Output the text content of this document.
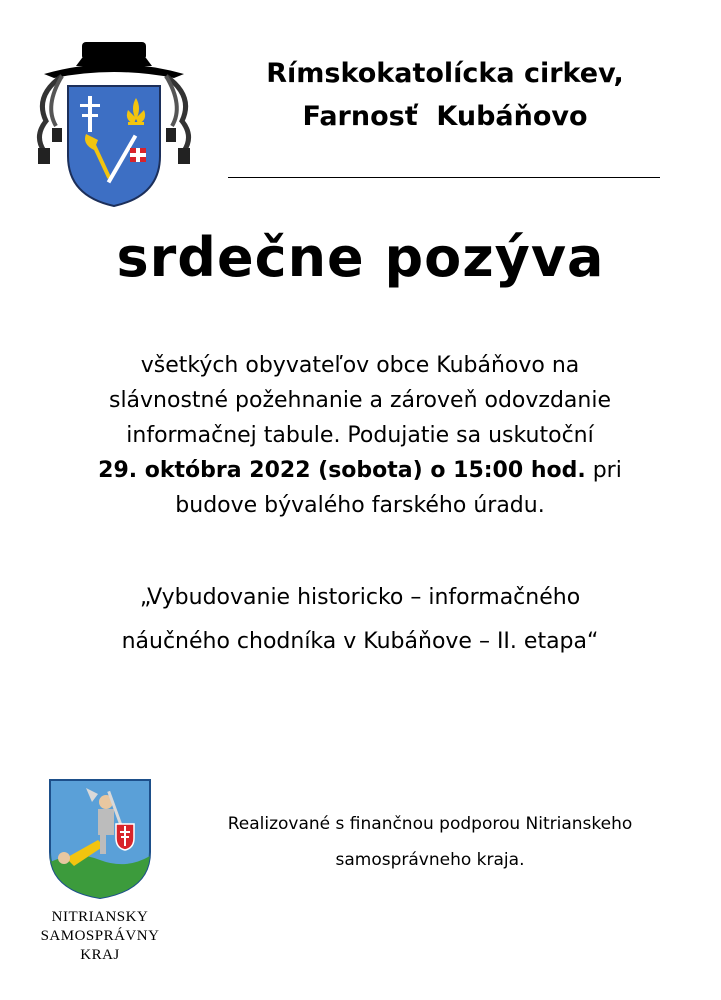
Rímskokatolícka cirkev,
Farnosť  Kubáňovo
srdečne pozýva
všetkých obyvateľov obce Kubáňovo na
slávnostné požehnanie a zároveň odovzdanie
informačnej tabule. Podujatie sa uskutoční
29. októbra 2022 (sobota) o 15:00 hod. pri
budove bývalého farského úradu.
„Vybudovanie historicko – informačného
náučného chodníka v Kubáňove – II. etapa“
NITRIANSKY
SAMOSPRÁVNY
KRAJ
Realizované s finančnou podporou Nitrianskeho
samosprávneho kraja.
